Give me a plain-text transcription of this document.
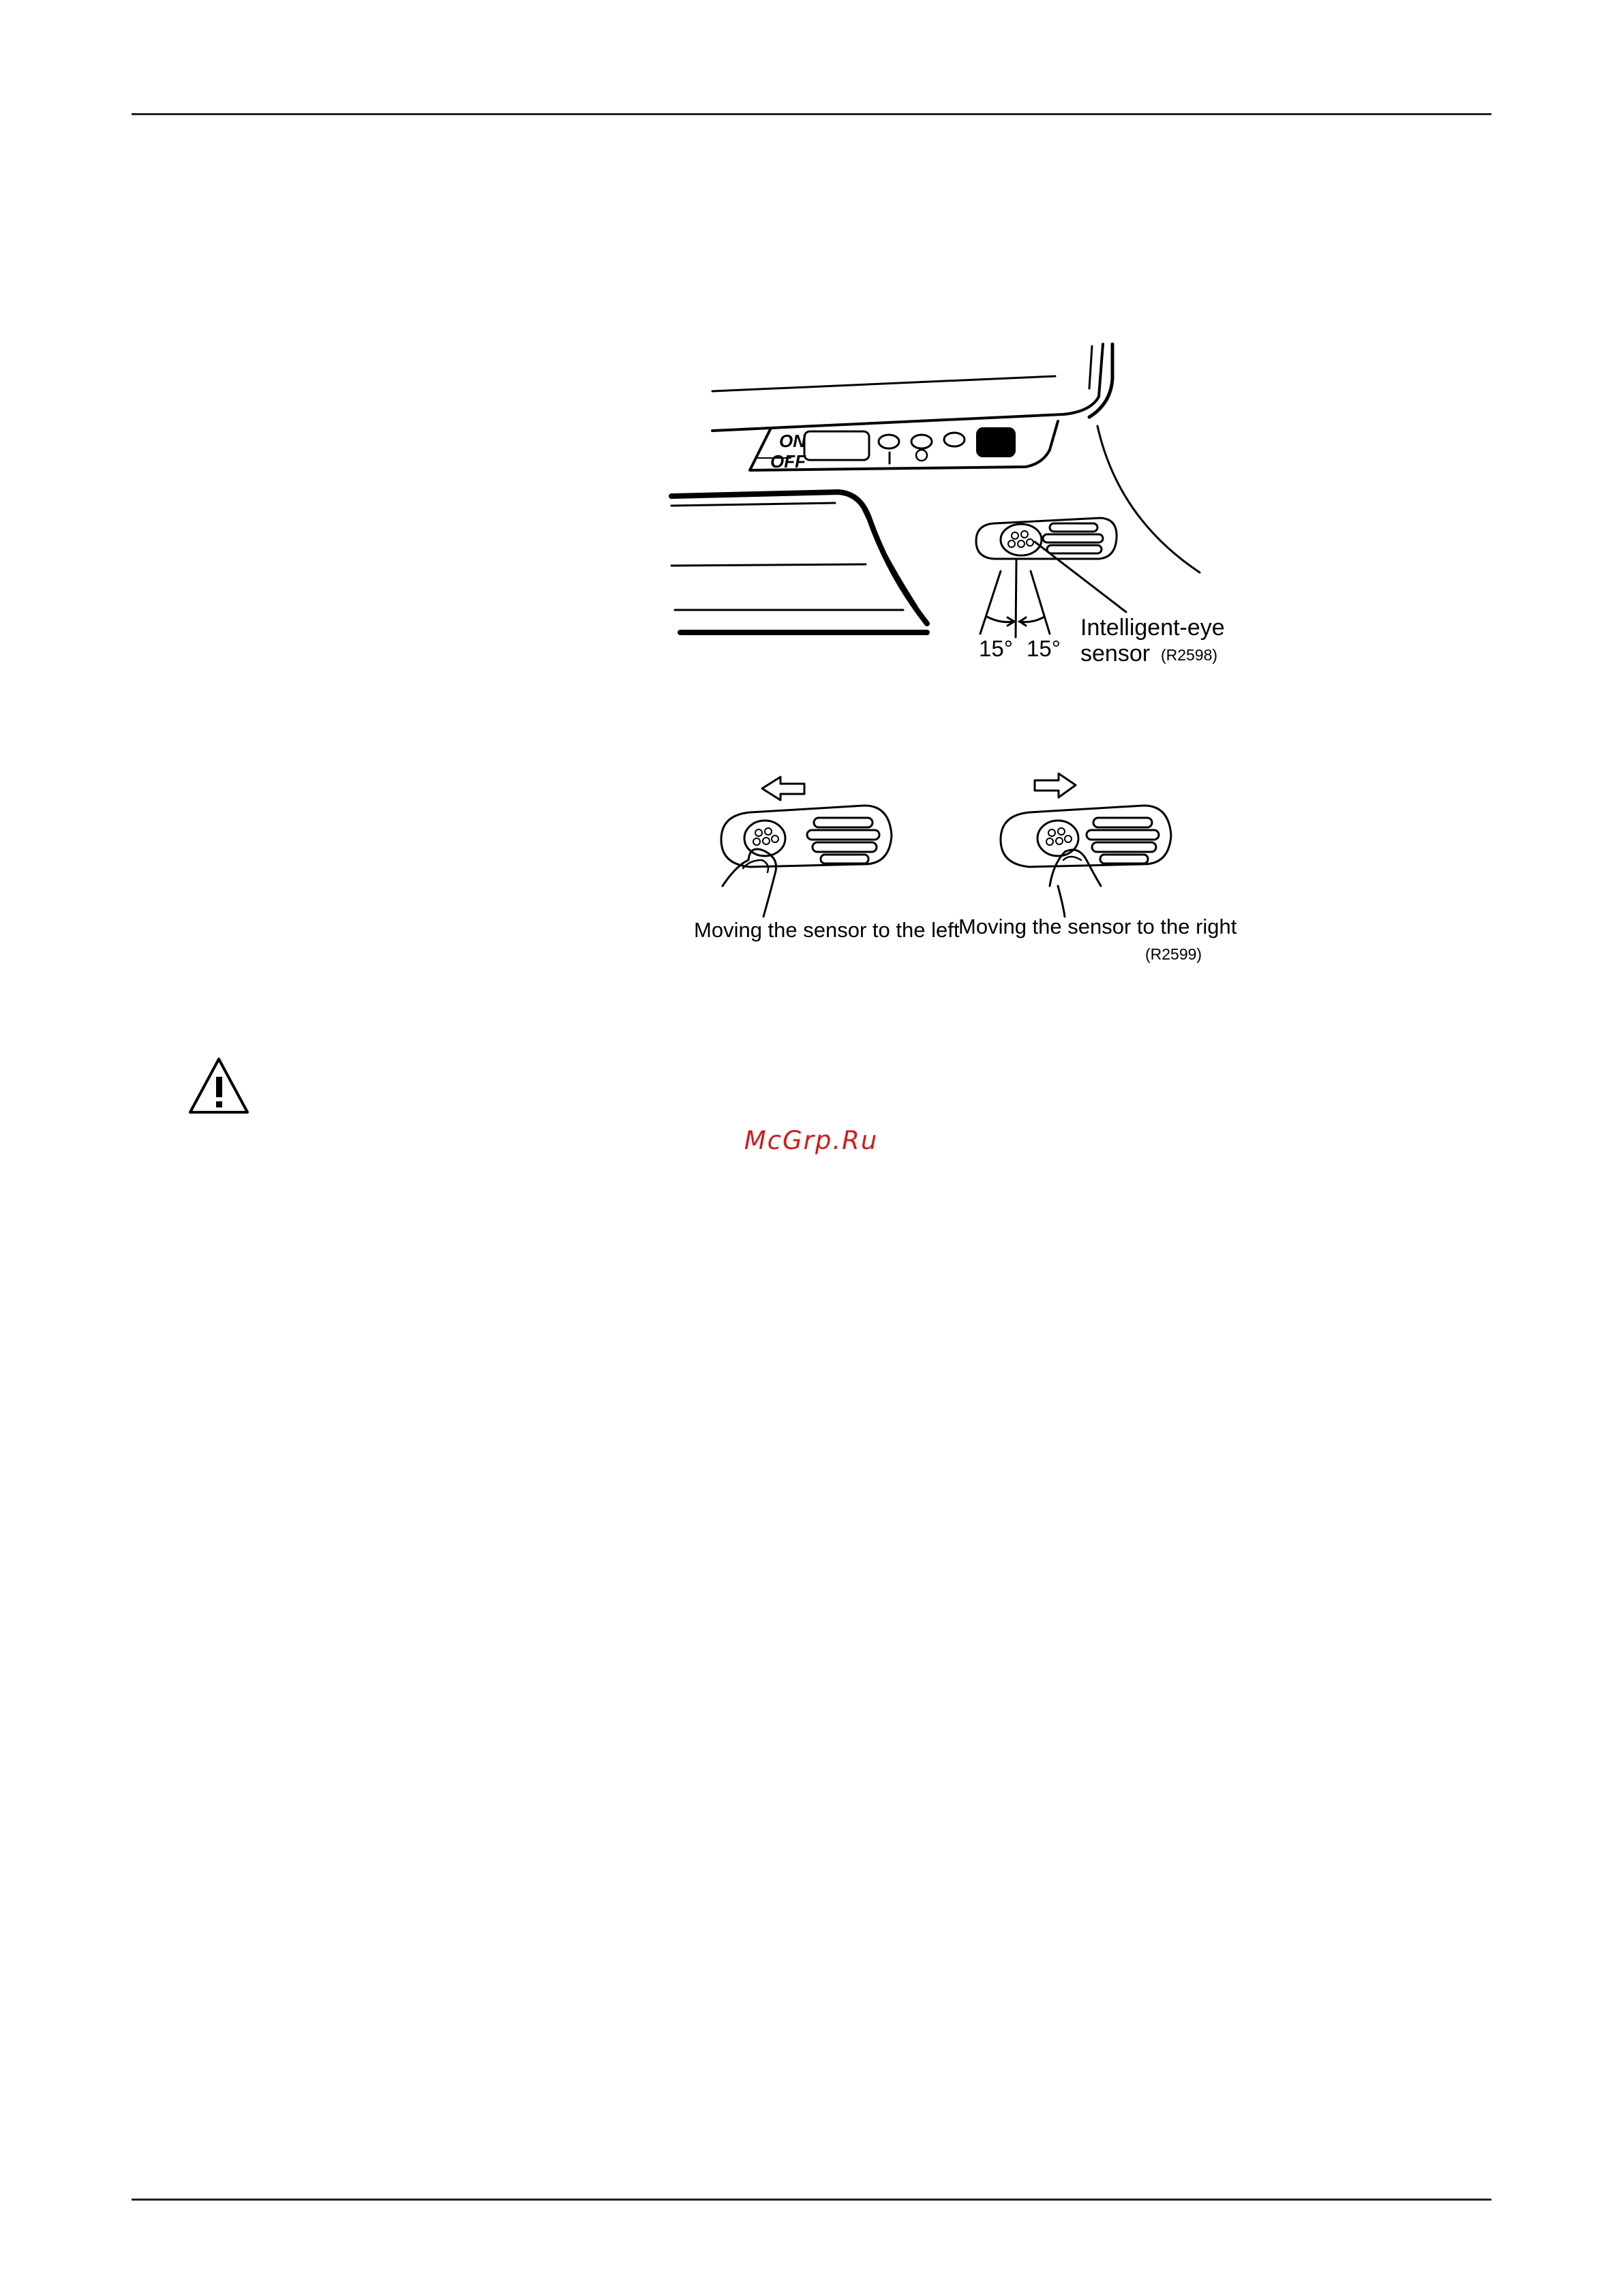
ON
OFF
15° 15°
Intelligent-eye
sensor (R2598)
Moving the sensor to the left
Moving the sensor to the right
(R2599)
McGrp.Ru
